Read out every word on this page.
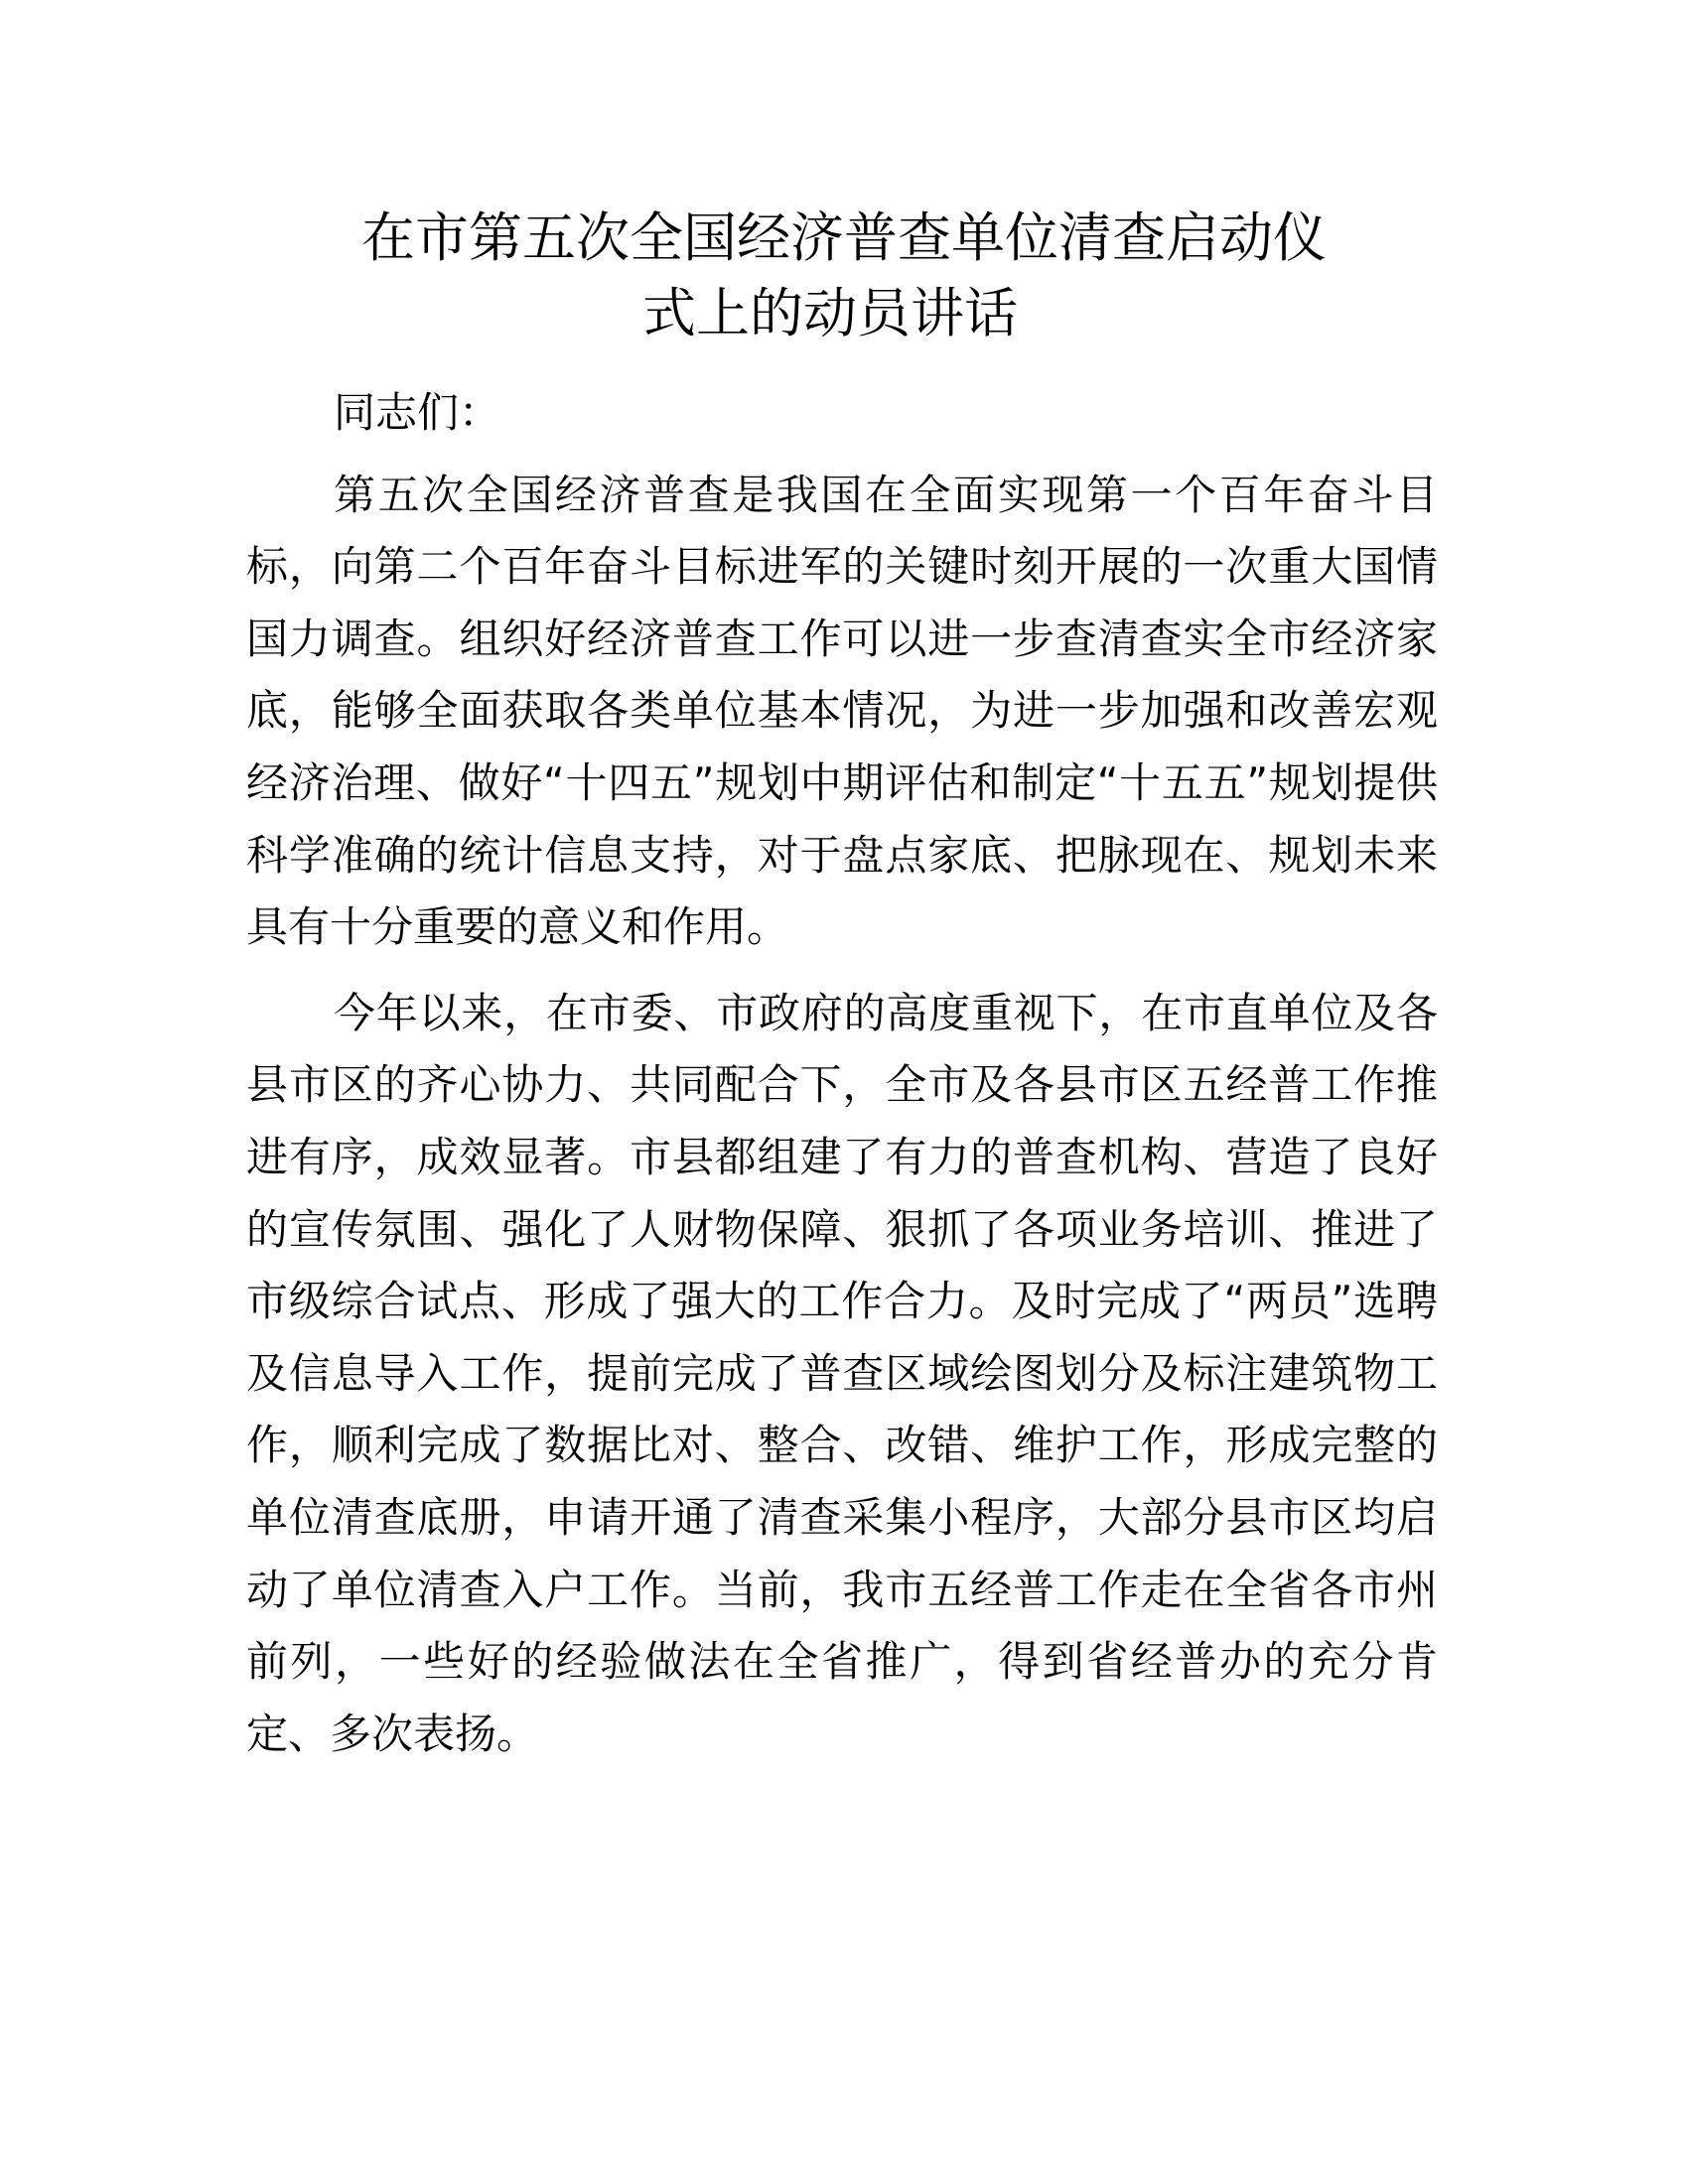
在市第五次全国经济普查单位清查启动仪
式上的动员讲话

同志们：

第五次全国经济普查是我国在全面实现第一个百年奋斗目标，向第二个百年奋斗目标进军的关键时刻开展的一次重大国情国力调查。组织好经济普查工作可以进一步查清查实全市经济家底，能够全面获取各类单位基本情况，为进一步加强和改善宏观经济治理、做好“十四五”规划中期评估和制定“十五五”规划提供科学准确的统计信息支持，对于盘点家底、把脉现在、规划未来具有十分重要的意义和作用。

今年以来，在市委、市政府的高度重视下，在市直单位及各县市区的齐心协力、共同配合下，全市及各县市区五经普工作推进有序，成效显著。市县都组建了有力的普查机构、营造了良好的宣传氛围、强化了人财物保障、狠抓了各项业务培训、推进了市级综合试点、形成了强大的工作合力。及时完成了“两员”选聘及信息导入工作，提前完成了普查区域绘图划分及标注建筑物工作，顺利完成了数据比对、整合、改错、维护工作，形成完整的单位清查底册，申请开通了清查采集小程序，大部分县市区均启动了单位清查入户工作。当前，我市五经普工作走在全省各市州前列，一些好的经验做法在全省推广，得到省经普办的充分肯定、多次表扬。
